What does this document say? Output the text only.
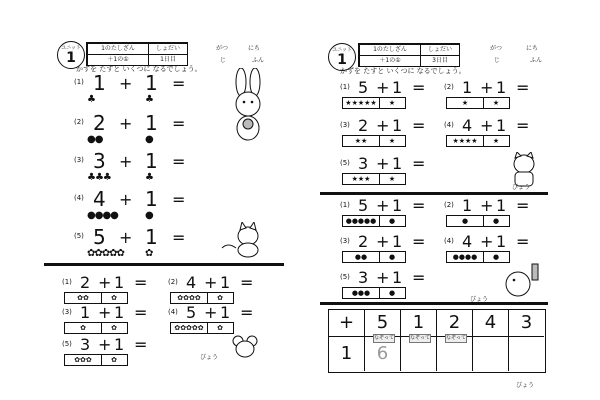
ユニット
1
1のたしざん
＋1の①
しょだい
1日目
がつ	にち
じ	ふん
かずを たすと いくつに なるでしょう。
(1) 1
♣
+ 1
♣
=
(2) 2
●●
+ 1
●
=
(3) 3
♣♣♣
+ 1
♣
=
(4) 4
●●●●
+ 1
●
=
(5) 5
✿✿✿✿✿
+ 1
✿
=
(1) 2 + 1 =
✿✿	✿
(2) 4 + 1 =
✿✿✿✿	✿
(3) 1 + 1 =
✿	✿
(4) 5 + 1 =
✿✿✿✿✿	✿
(5) 3 + 1 =
✿✿✿	✿	びょう
ユニット
1
1のたしざん
＋1の①
しょだい
3日目
がつ	にち
じ	ふん
かずを たすと いくつに なるでしょう。
(1) 5 + 1 =
★★★★★	★
(2) 1 + 1 =
★	★
(3) 2 + 1 =
★★	★
(4) 4 + 1 =
★★★★	★
(5) 3 + 1 =
★★★	★
びょう
(1) 5 + 1 =
●●●●●	●
(2) 1 + 1 =
●	●
(3) 2 + 1 =
●●	●
(4) 4 + 1 =
●●●●	●
(5) 3 + 1 =
●●●	●
びょう
+	5	1	2	4	3
1	6
なぞって	なぞって	なぞって
びょう
